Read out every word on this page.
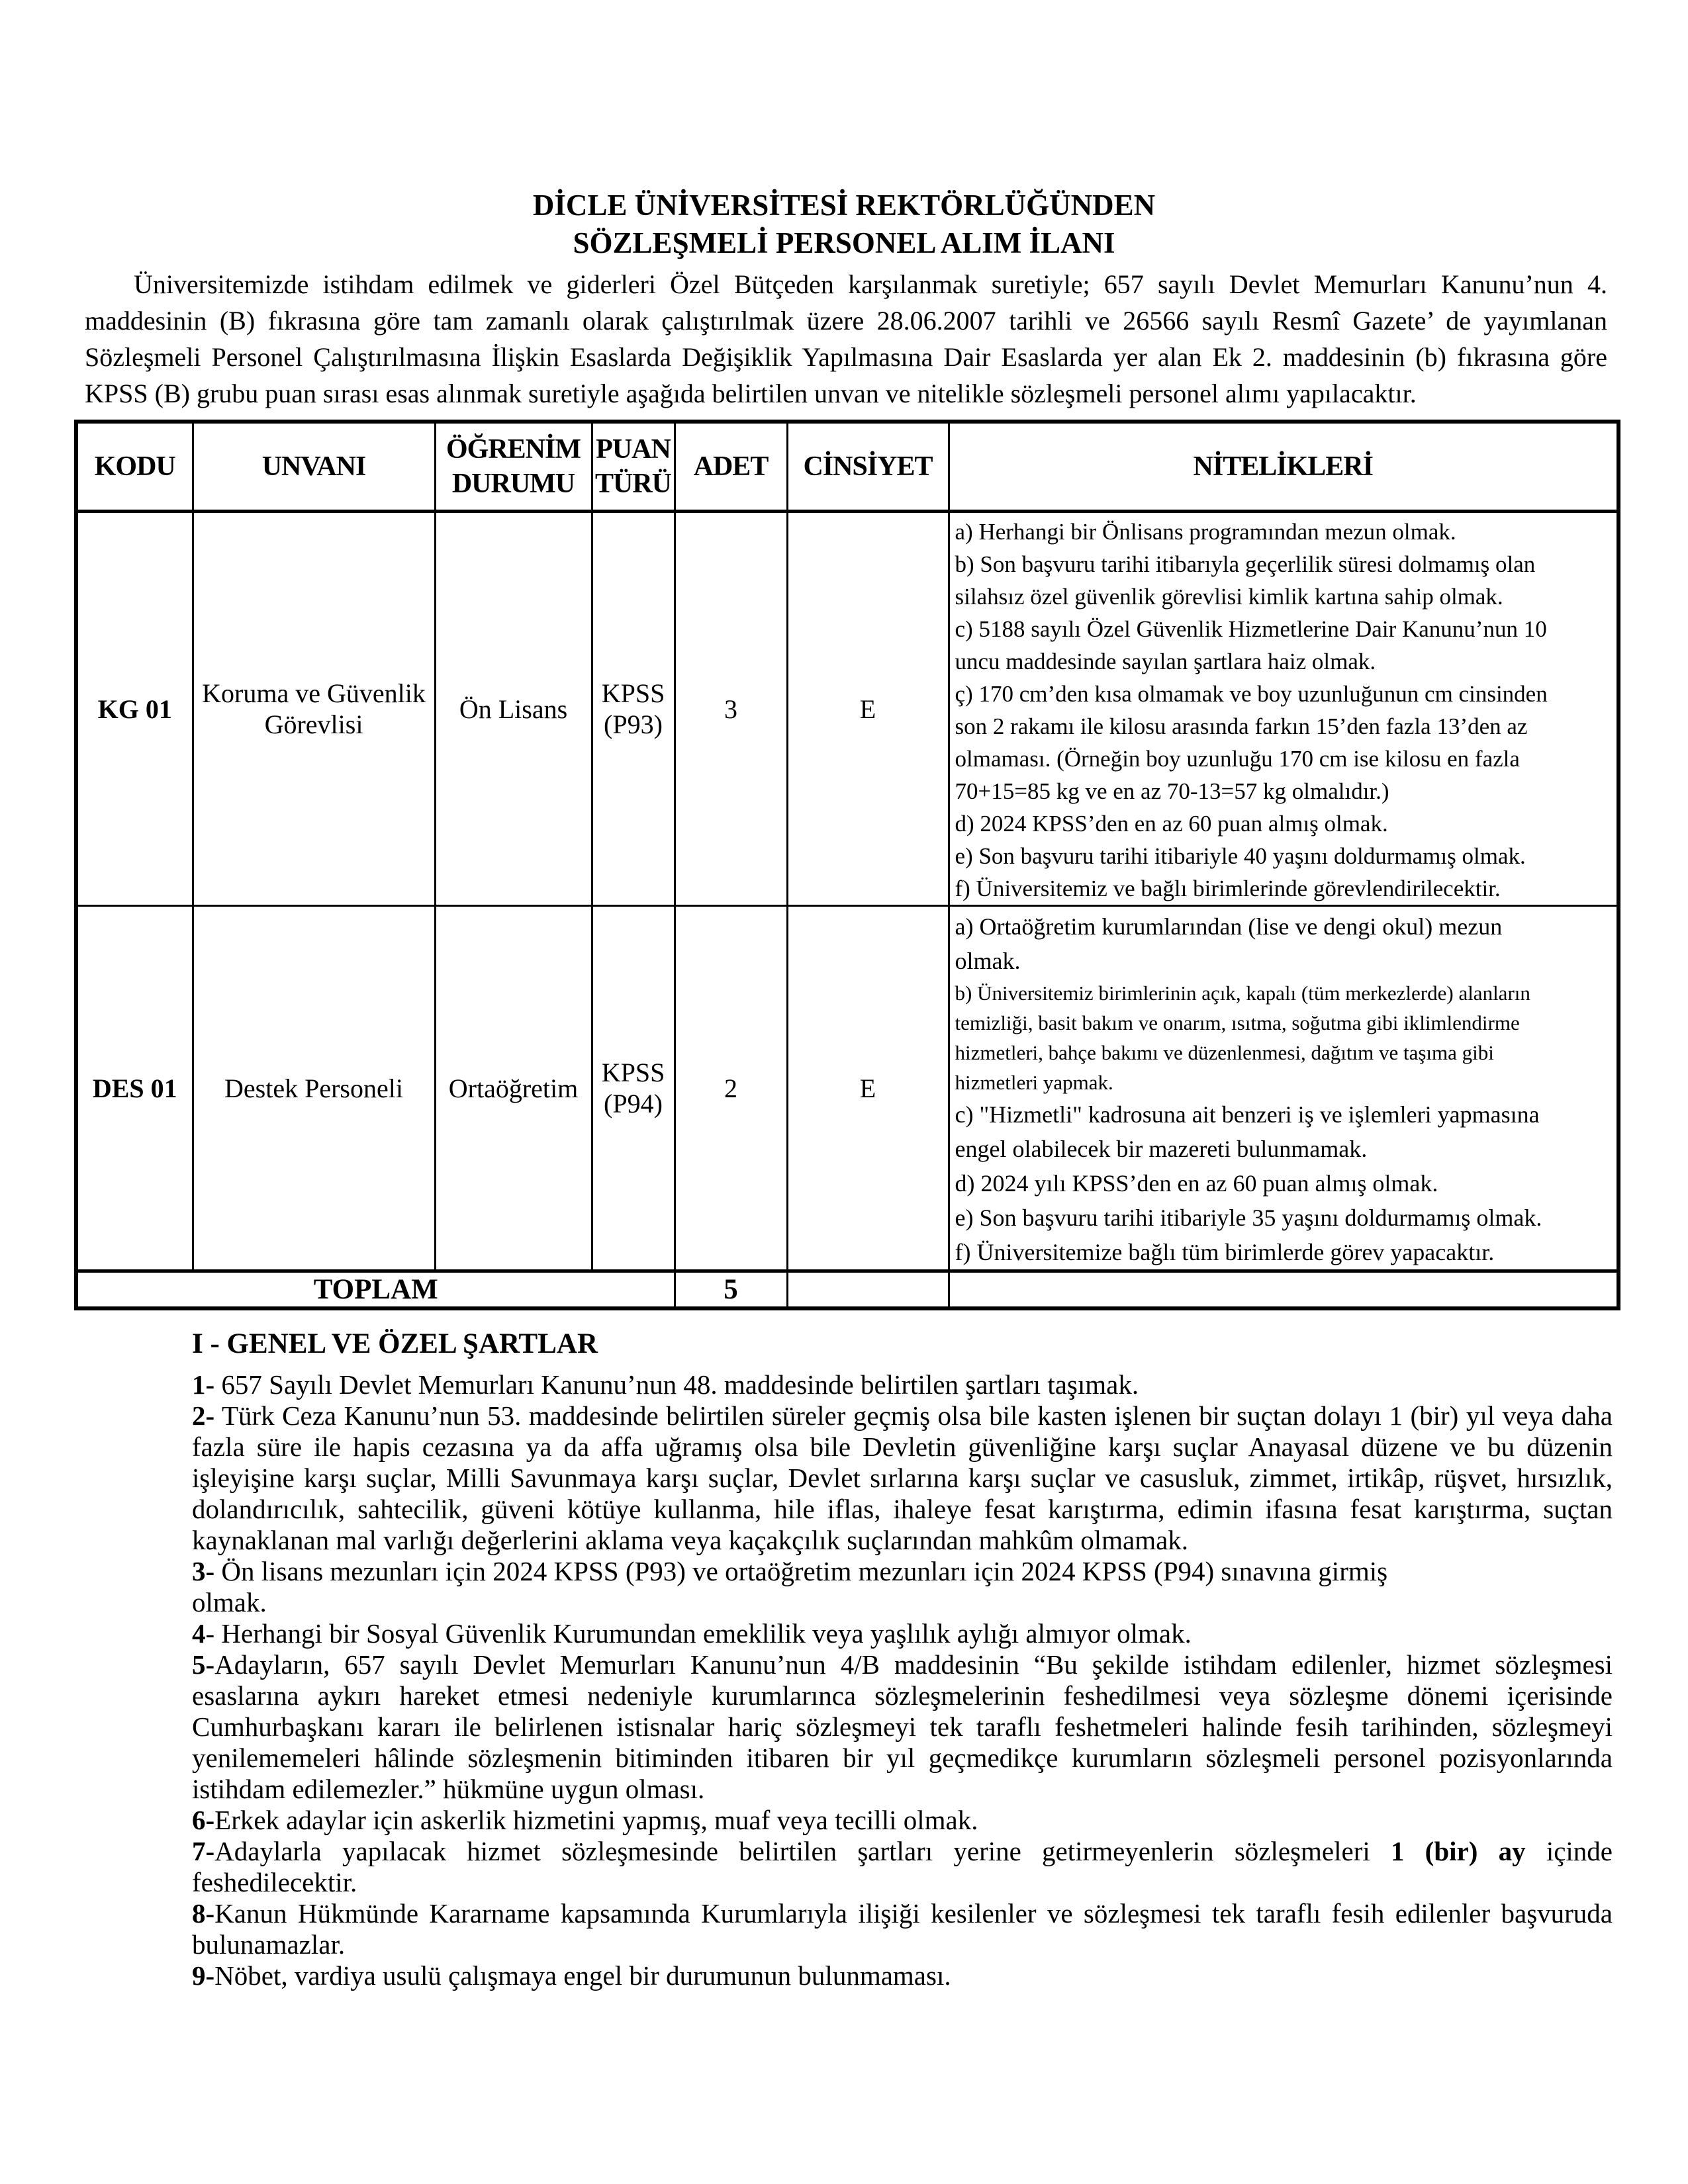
DİCLE ÜNİVERSİTESİ REKTÖRLÜĞÜNDEN
SÖZLEŞMELİ PERSONEL ALIM İLANI

Üniversitemizde istihdam edilmek ve giderleri Özel Bütçeden karşılanmak suretiyle; 657 sayılı Devlet Memurları Kanunu’nun 4. maddesinin (B) fıkrasına göre tam zamanlı olarak çalıştırılmak üzere 28.06.2007 tarihli ve 26566 sayılı Resmî Gazete’ de yayımlanan Sözleşmeli Personel Çalıştırılmasına İlişkin Esaslarda Değişiklik Yapılmasına Dair Esaslarda yer alan Ek 2. maddesinin (b) fıkrasına göre KPSS (B) grubu puan sırası esas alınmak suretiyle aşağıda belirtilen unvan ve nitelikle sözleşmeli personel alımı yapılacaktır.

KODU	UNVANI	ÖĞRENİM DURUMU	PUAN TÜRÜ	ADET	CİNSİYET	NİTELİKLERİ
KG 01	Koruma ve Güvenlik Görevlisi	Ön Lisans	KPSS (P93)	3	E	
a) Herhangi bir Önlisans programından mezun olmak.
b) Son başvuru tarihi itibarıyla geçerlilik süresi dolmamış olan
silahsız özel güvenlik görevlisi kimlik kartına sahip olmak.
c) 5188 sayılı Özel Güvenlik Hizmetlerine Dair Kanunu’nun 10
uncu maddesinde sayılan şartlara haiz olmak.
ç) 170 cm’den kısa olmamak ve boy uzunluğunun cm cinsinden
son 2 rakamı ile kilosu arasında farkın 15’den fazla 13’den az
olmaması. (Örneğin boy uzunluğu 170 cm ise kilosu en fazla
70+15=85 kg ve en az 70-13=57 kg olmalıdır.)
d) 2024 KPSS’den en az 60 puan almış olmak.
e) Son başvuru tarihi itibariyle 40 yaşını doldurmamış olmak.
f) Üniversitemiz ve bağlı birimlerinde görevlendirilecektir.

DES 01	Destek Personeli	Ortaöğretim	KPSS (P94)	2	E	
a) Ortaöğretim kurumlarından (lise ve dengi okul) mezun
olmak.
b) Üniversitemiz birimlerinin açık, kapalı (tüm merkezlerde) alanların
temizliği, basit bakım ve onarım, ısıtma, soğutma gibi iklimlendirme
hizmetleri, bahçe bakımı ve düzenlenmesi, dağıtım ve taşıma gibi
hizmetleri yapmak.
c) "Hizmetli" kadrosuna ait benzeri iş ve işlemleri yapmasına
engel olabilecek bir mazereti bulunmamak.
d) 2024 yılı KPSS’den en az 60 puan almış olmak.
e) Son başvuru tarihi itibariyle 35 yaşını doldurmamış olmak.
f) Üniversitemize bağlı tüm birimlerde görev yapacaktır.

TOPLAM				5		
I - GENEL VE ÖZEL ŞARTLAR

1- 657 Sayılı Devlet Memurları Kanunu’nun 48. maddesinde belirtilen şartları taşımak.

2- Türk Ceza Kanunu’nun 53. maddesinde belirtilen süreler geçmiş olsa bile kasten işlenen bir suçtan dolayı 1 (bir) yıl veya daha fazla süre ile hapis cezasına ya da affa uğramış olsa bile Devletin güvenliğine karşı suçlar Anayasal düzene ve bu düzenin işleyişine karşı suçlar, Milli Savunmaya karşı suçlar, Devlet sırlarına karşı suçlar ve casusluk, zimmet, irtikâp, rüşvet, hırsızlık, dolandırıcılık, sahtecilik, güveni kötüye kullanma, hile iflas, ihaleye fesat karıştırma, edimin ifasına fesat karıştırma, suçtan kaynaklanan mal varlığı değerlerini aklama veya kaçakçılık suçlarından mahkûm olmamak.

3- Ön lisans mezunları için 2024 KPSS (P93) ve ortaöğretim mezunları için 2024 KPSS (P94) sınavına girmiş
olmak.

4- Herhangi bir Sosyal Güvenlik Kurumundan emeklilik veya yaşlılık aylığı almıyor olmak.

5-Adayların, 657 sayılı Devlet Memurları Kanunu’nun 4/B maddesinin “Bu şekilde istihdam edilenler, hizmet sözleşmesi esaslarına aykırı hareket etmesi nedeniyle kurumlarınca sözleşmelerinin feshedilmesi veya sözleşme dönemi içerisinde Cumhurbaşkanı kararı ile belirlenen istisnalar hariç sözleşmeyi tek taraflı feshetmeleri halinde fesih tarihinden, sözleşmeyi yenilememeleri hâlinde sözleşmenin bitiminden itibaren bir yıl geçmedikçe kurumların sözleşmeli personel pozisyonlarında istihdam edilemezler.” hükmüne uygun olması.

6-Erkek adaylar için askerlik hizmetini yapmış, muaf veya tecilli olmak.

7-Adaylarla yapılacak hizmet sözleşmesinde belirtilen şartları yerine getirmeyenlerin sözleşmeleri 1 (bir) ay içinde feshedilecektir.

8-Kanun Hükmünde Kararname kapsamında Kurumlarıyla ilişiği kesilenler ve sözleşmesi tek taraflı fesih edilenler başvuruda bulunamazlar.

9-Nöbet, vardiya usulü çalışmaya engel bir durumunun bulunmaması.
